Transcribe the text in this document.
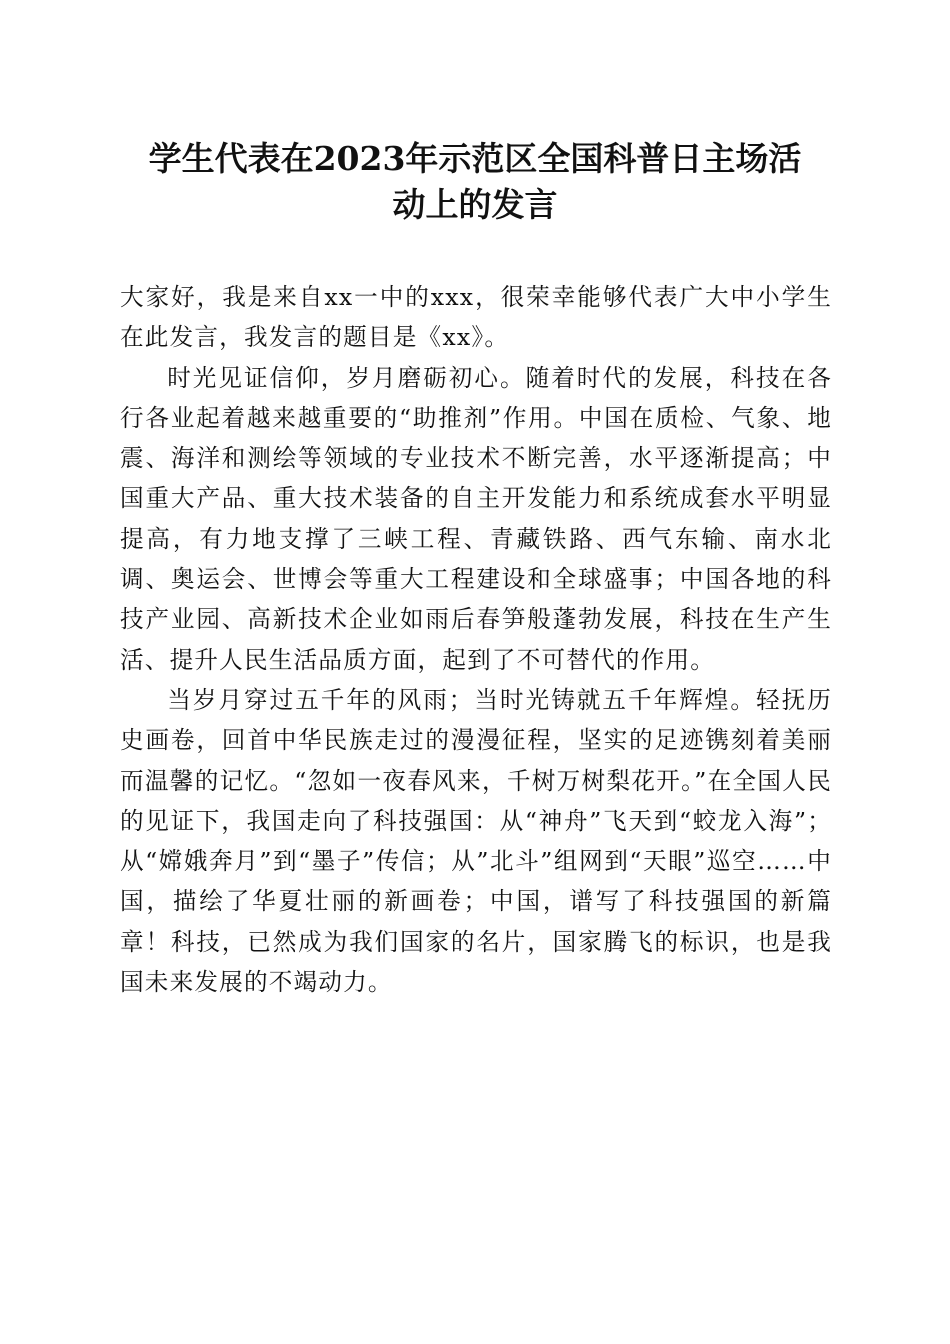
学生代表在2023年示范区全国科普日主场活
动上的发言

大家好，我是来自xx一中的xxx，很荣幸能够代表广大中小学生在此发言，我发言的题目是《xx》。

时光见证信仰，岁月磨砺初心。随着时代的发展，科技在各行各业起着越来越重要的“助推剂”作用。中国在质检、气象、地震、海洋和测绘等领域的专业技术不断完善，水平逐渐提高；中国重大产品、重大技术装备的自主开发能力和系统成套水平明显提高，有力地支撑了三峡工程、青藏铁路、西气东输、南水北调、奥运会、世博会等重大工程建设和全球盛事；中国各地的科技产业园、高新技术企业如雨后春笋般蓬勃发展，科技在生产生活、提升人民生活品质方面，起到了不可替代的作用。

当岁月穿过五千年的风雨；当时光铸就五千年辉煌。轻抚历史画卷，回首中华民族走过的漫漫征程，坚实的足迹镌刻着美丽而温馨的记忆。“忽如一夜春风来，千树万树梨花开。”在全国人民的见证下，我国走向了科技强国：从“神舟”飞天到“蛟龙入海”；从“嫦娥奔月”到“墨子”传信；从”北斗”组网到“天眼”巡空……中国，描绘了华夏壮丽的新画卷；中国，谱写了科技强国的新篇章！科技，已然成为我们国家的名片，国家腾飞的标识，也是我国未来发展的不竭动力。
